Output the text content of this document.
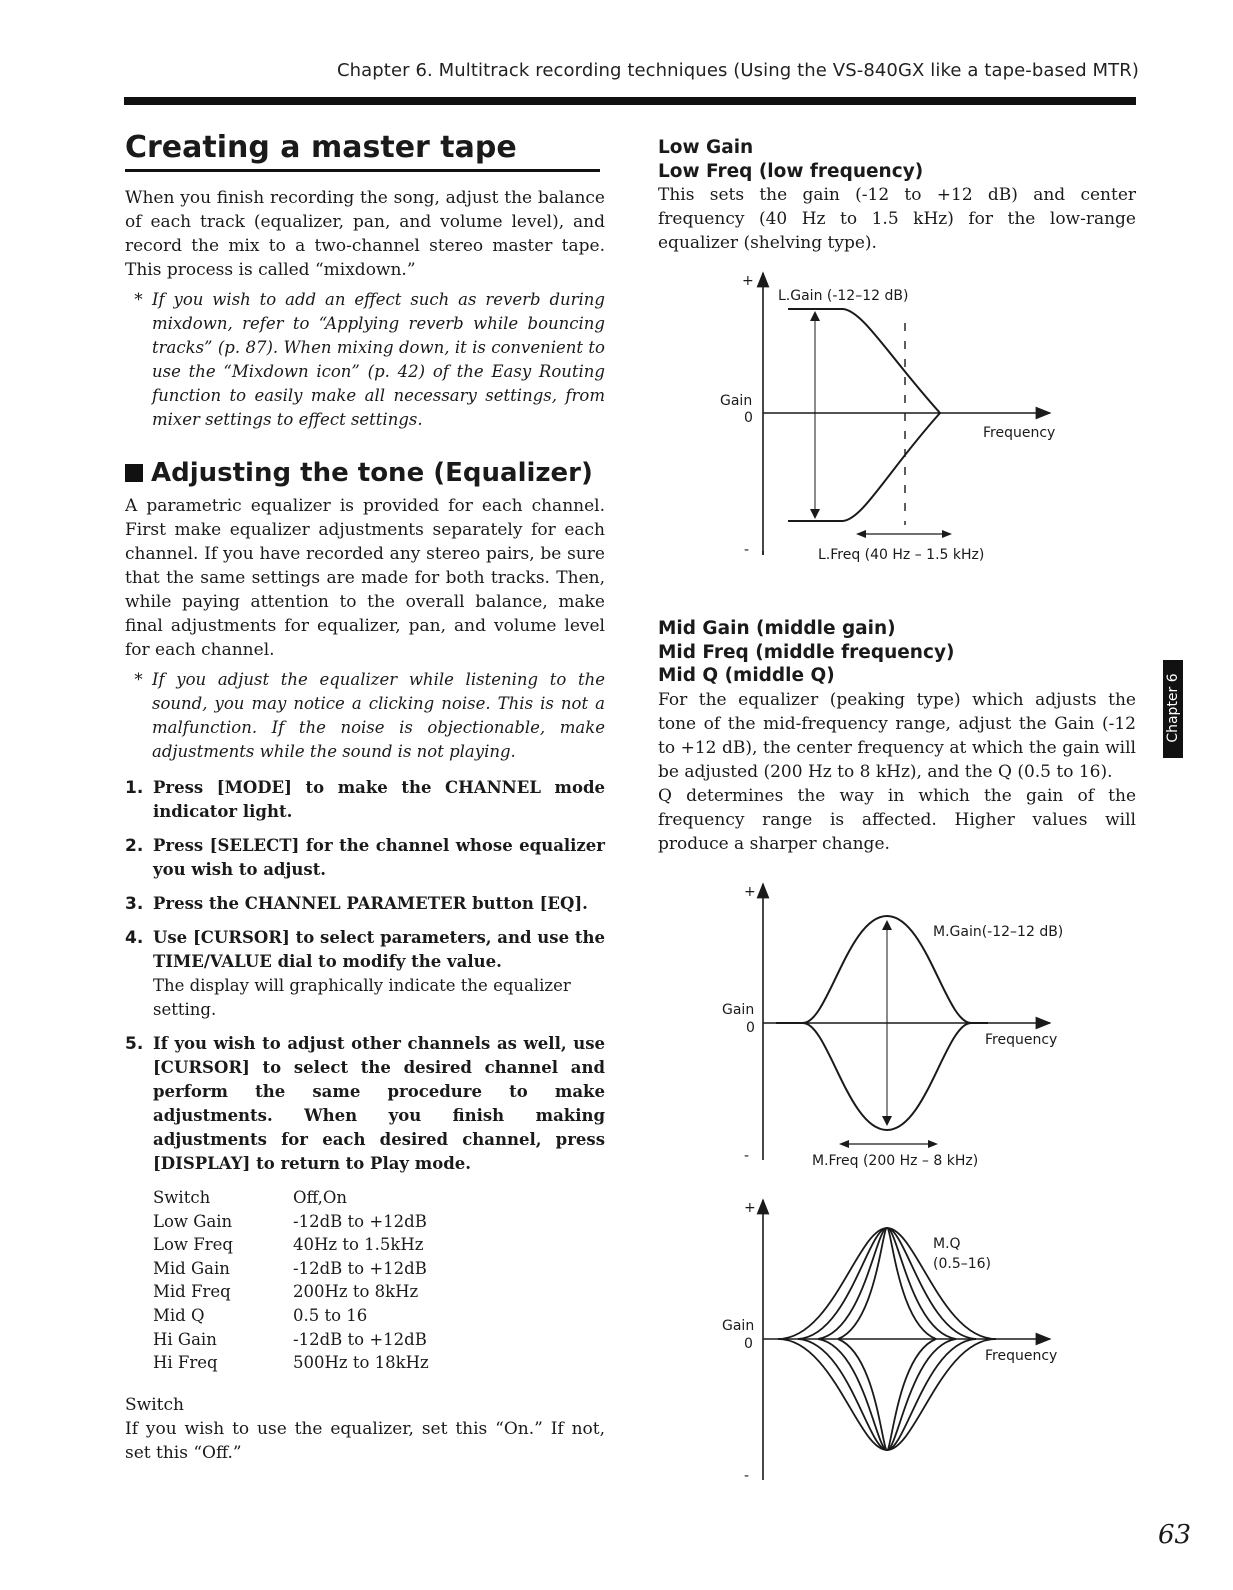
Chapter 6. Multitrack recording techniques (Using the VS-840GX like a tape-based MTR)
Creating a master tape

When you finish recording the song, adjust the balance of each track (equalizer, pan, and volume level), and record the mix to a two-channel stereo master tape. This process is called “mixdown.”

* If you wish to add an effect such as reverb during mixdown, refer to “Applying reverb while bouncing tracks” (p. 87). When mixing down, it is convenient to use the “Mixdown icon” (p. 42) of the Easy Routing function to easily make all necessary settings, from mixer settings to effect settings.
Adjusting the tone (Equalizer)

A parametric equalizer is provided for each channel. First make equalizer adjustments separately for each channel. If you have recorded any stereo pairs, be sure that the same settings are made for both tracks. Then, while paying attention to the overall balance, make final adjustments for equalizer, pan, and volume level for each channel.

* If you adjust the equalizer while listening to the sound, you may notice a clicking noise. This is not a malfunction. If the noise is objectionable, make adjustments while the sound is not playing.
1. Press [MODE] to make the CHANNEL mode indicator light.
2. Press [SELECT] for the channel whose equalizer you wish to adjust.
3. Press the CHANNEL PARAMETER button [EQ].
4. Use [CURSOR] to select parameters, and use the TIME/VALUE dial to modify the value.
The display will graphically indicate the equalizer setting.
5. If you wish to adjust other channels as well, use [CURSOR] to select the desired channel and perform the same procedure to make adjustments. When you finish making adjustments for each desired channel, press [DISPLAY] to return to Play mode.
Switch	Off,On
Low Gain	-12dB to +12dB
Low Freq	40Hz to 1.5kHz
Mid Gain	-12dB to +12dB
Mid Freq	200Hz to 8kHz
Mid Q	0.5 to 16
Hi Gain	-12dB to +12dB
Hi Freq	500Hz to 18kHz
Switch

If you wish to use the equalizer, set this “On.” If not, set this “Off.”

Low Gain
Low Freq (low frequency)

This sets the gain (-12 to +12 dB) and center frequency (40 Hz to 1.5 kHz) for the low-range equalizer (shelving type).

+
-
Gain
0
Frequency
L.Gain (-12–12 dB)
L.Freq (40 Hz – 1.5 kHz)
Mid Gain (middle gain)
Mid Freq (middle frequency)
Mid Q (middle Q)

For the equalizer (peaking type) which adjusts the tone of the mid-frequency range, adjust the Gain (-12 to +12 dB), the center frequency at which the gain will be adjusted (200 Hz to 8 kHz), and the Q (0.5 to 16).

Q determines the way in which the gain of the frequency range is affected. Higher values will produce a sharper change.

+
-
Gain
0
Frequency
M.Gain(-12–12 dB)
M.Freq (200 Hz – 8 kHz)
+
-
Gain
0
Frequency
M.Q
(0.5–16)
Chapter 6
63
